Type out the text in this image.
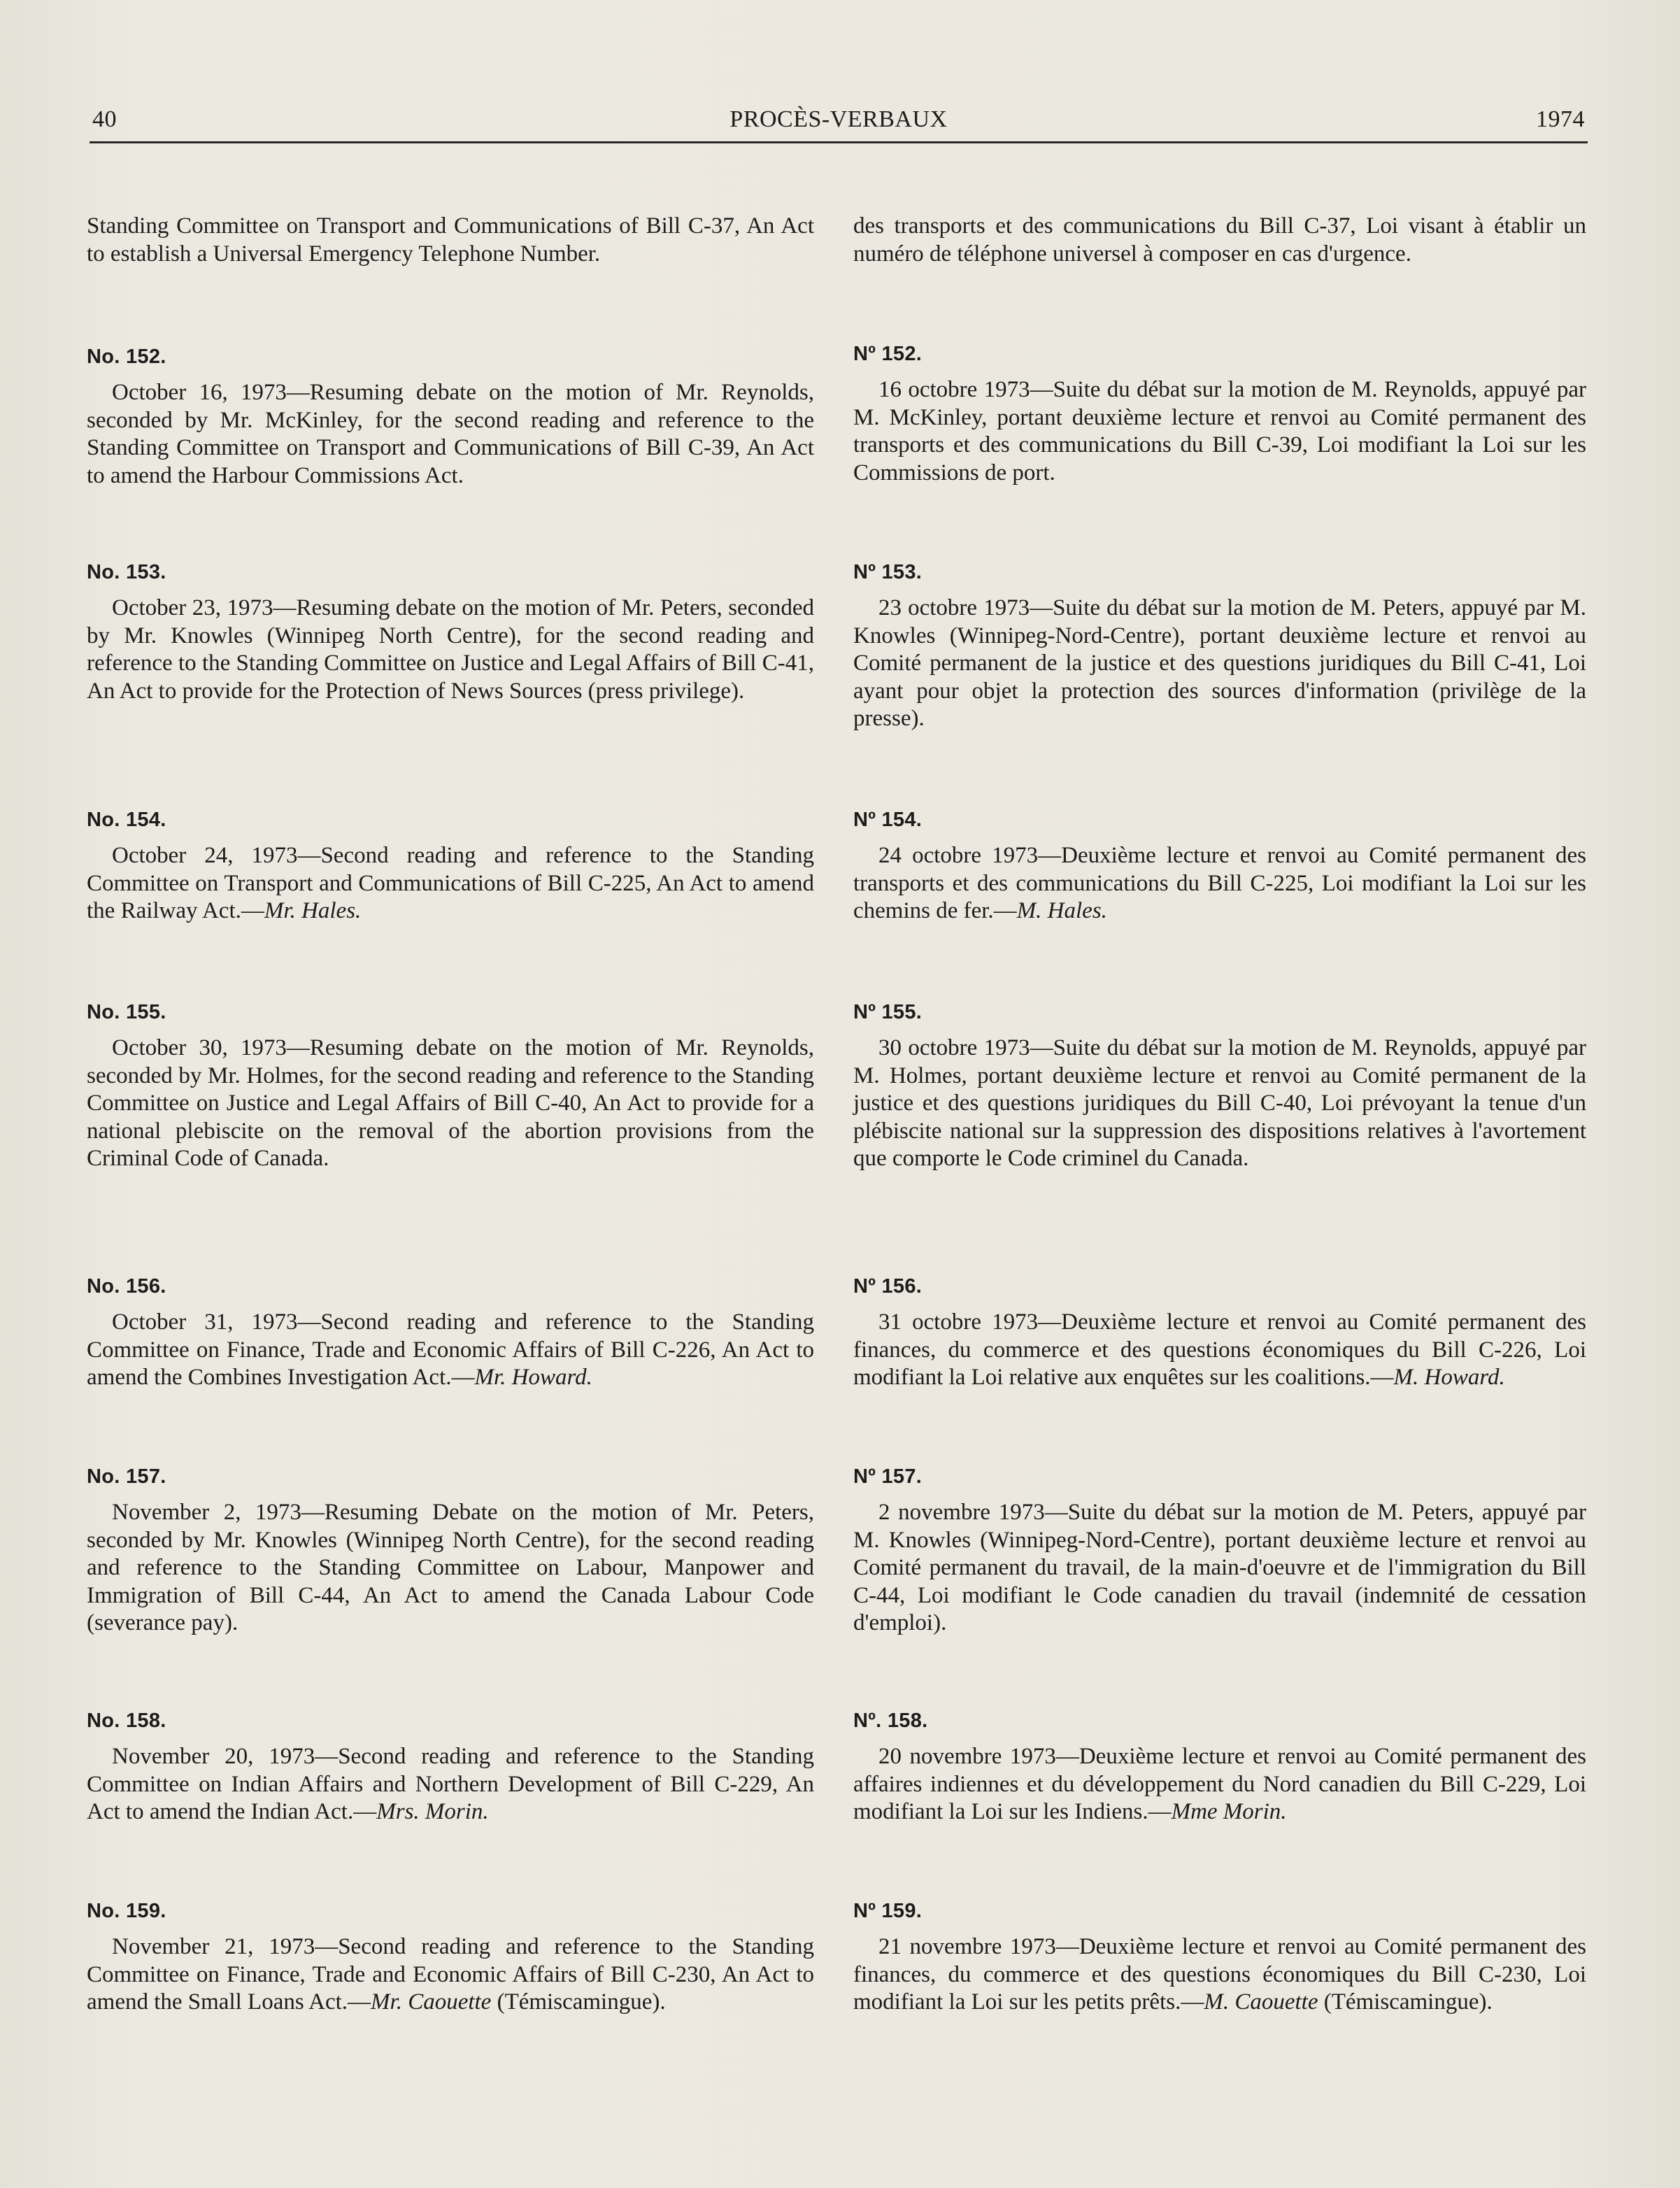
40	PROCÈS-VERBAUX	1974

Standing Committee on Transport and Communications of Bill C-37, An Act to establish a Universal Emergency Telephone Number.

No. 152.

October 16, 1973—Resuming debate on the motion of Mr. Reynolds, seconded by Mr. McKinley, for the second reading and reference to the Standing Committee on Transport and Communications of Bill C-39, An Act to amend the Harbour Commissions Act.

No. 153.

October 23, 1973—Resuming debate on the motion of Mr. Peters, seconded by Mr. Knowles (Winnipeg North Centre), for the second reading and reference to the Standing Committee on Justice and Legal Affairs of Bill C-41, An Act to provide for the Protection of News Sources (press privilege).

No. 154.

October 24, 1973—Second reading and reference to the Standing Committee on Transport and Communications of Bill C-225, An Act to amend the Railway Act.—Mr. Hales.

No. 155.

October 30, 1973—Resuming debate on the motion of Mr. Reynolds, seconded by Mr. Holmes, for the second reading and reference to the Standing Committee on Justice and Legal Affairs of Bill C-40, An Act to provide for a national plebiscite on the removal of the abortion provisions from the Criminal Code of Canada.

No. 156.

October 31, 1973—Second reading and reference to the Standing Committee on Finance, Trade and Economic Affairs of Bill C-226, An Act to amend the Combines Investigation Act.—Mr. Howard.

No. 157.

November 2, 1973—Resuming Debate on the motion of Mr. Peters, seconded by Mr. Knowles (Winnipeg North Centre), for the second reading and reference to the Standing Committee on Labour, Manpower and Immigration of Bill C-44, An Act to amend the Canada Labour Code (severance pay).

No. 158.

November 20, 1973—Second reading and reference to the Standing Committee on Indian Affairs and Northern Development of Bill C-229, An Act to amend the Indian Act.—Mrs. Morin.

No. 159.

November 21, 1973—Second reading and reference to the Standing Committee on Finance, Trade and Economic Affairs of Bill C-230, An Act to amend the Small Loans Act.—Mr. Caouette (Témiscamingue).

des transports et des communications du Bill C-37, Loi visant à établir un numéro de téléphone universel à composer en cas d'urgence.

Nº 152.

16 octobre 1973—Suite du débat sur la motion de M. Reynolds, appuyé par M. McKinley, portant deuxième lecture et renvoi au Comité permanent des transports et des communications du Bill C-39, Loi modifiant la Loi sur les Commissions de port.

Nº 153.

23 octobre 1973—Suite du débat sur la motion de M. Peters, appuyé par M. Knowles (Winnipeg-Nord-Centre), portant deuxième lecture et renvoi au Comité permanent de la justice et des questions juridiques du Bill C-41, Loi ayant pour objet la protection des sources d'information (privilège de la presse).

Nº 154.

24 octobre 1973—Deuxième lecture et renvoi au Comité permanent des transports et des communications du Bill C-225, Loi modifiant la Loi sur les chemins de fer.—M. Hales.

Nº 155.

30 octobre 1973—Suite du débat sur la motion de M. Reynolds, appuyé par M. Holmes, portant deuxième lecture et renvoi au Comité permanent de la justice et des questions juridiques du Bill C-40, Loi prévoyant la tenue d'un plébiscite national sur la suppression des dispositions relatives à l'avortement que comporte le Code criminel du Canada.

Nº 156.

31 octobre 1973—Deuxième lecture et renvoi au Comité permanent des finances, du commerce et des questions économiques du Bill C-226, Loi modifiant la Loi relative aux enquêtes sur les coalitions.—M. Howard.

Nº 157.

2 novembre 1973—Suite du débat sur la motion de M. Peters, appuyé par M. Knowles (Winnipeg-Nord-Centre), portant deuxième lecture et renvoi au Comité permanent du travail, de la main-d'oeuvre et de l'immigration du Bill C-44, Loi modifiant le Code canadien du travail (indemnité de cessation d'emploi).

Nº. 158.

20 novembre 1973—Deuxième lecture et renvoi au Comité permanent des affaires indiennes et du développement du Nord canadien du Bill C-229, Loi modifiant la Loi sur les Indiens.—Mme Morin.

Nº 159.

21 novembre 1973—Deuxième lecture et renvoi au Comité permanent des finances, du commerce et des questions économiques du Bill C-230, Loi modifiant la Loi sur les petits prêts.—M. Caouette (Témiscamingue).
